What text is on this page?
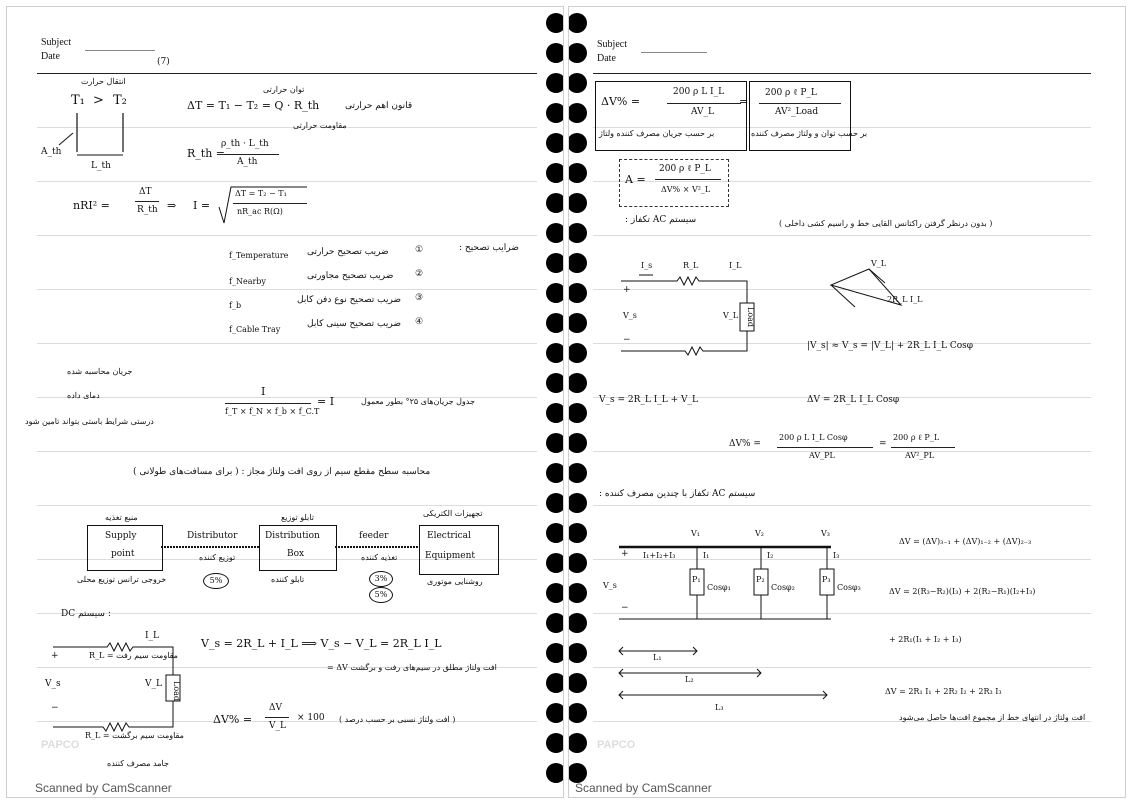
Subject
Date	(7)
انتقال حرارت
T₁ > T₂
A_th
L_th
توان حرارتی
ΔT = T₁ − T₂ = Q · R_th	قانون اهم حرارتی
مقاومت حرارتی
R_th =
ρ_th · L_th
A_th
nRI² =
ΔT
R_th ⇒ I =
ΔT = T₂ − T₁
nR_ac R(Ω)
ضرایب تصحیح :
f_Temperature
①
ضریب تصحیح حرارتی
f_Nearby
②
ضریب تصحیح مجاورتی
f_b
③
ضریب تصحیح نوع دفن کابل
f_Cable Tray
④
ضریب تصحیح سینی کابل
جریان محاسبه شده
دمای داده
درستی شرایط باستی بتواند تامین شود
I
f_T × f_N × f_b × f_C.T
= I	جدول جریان‌های ۲۵° بطور معمول
محاسبه سطح مقطع سیم از روی افت ولتاژ مجاز : ( برای مسافت‌های طولانی )
منبع تغذیه
Supply
point
خروجی ترانس توزیع محلی
Distributor
توزیع کننده
5%
تابلو توزیع
Distribution
Box
تابلو کننده
feeder
تغذیه کننده
3%
5%
تجهیزات الکتریکی
Electrical
Equipment
روشنایی موتوری
DC سیستم :
I_L
R_L = مقاومت سیم رفت
+
−
V_s	V_L Load
R_L = مقاومت سیم برگشت
جامد مصرف کننده
V_s = 2R_L + I_L ⟹ V_s − V_L = 2R_L I_L
افت ولتاژ مطلق در سیم‌های رفت و برگشت ΔV =
ΔV% =
ΔV
V_L
× 100 ( افت ولتاژ نسبی بر حسب درصد )
PAPCO
Scanned by CamScanner
Subject
Date
ΔV% =
200 ρ L I_L
AV_L
بر حسب جریان مصرف کننده ولتاژ
=
200 ρ ℓ P_L
AV²_Load
بر حسب توان و ولتاژ مصرف کننده
A =
200 ρ ℓ P_L
ΔV% × V²_L
سیستم AC تکفاز :	( بدون درنظر گرفتن راکتانس القایی خط و راسیم کشی داخلی )
I_s	R_L	I_L
+
−
V_s	V_L Load
V_L
2R_L I_L
|V_s| ≈ V_s = |V_L| + 2R_L I_L Cosφ
V_s = 2R_L I_L + V_L	ΔV = 2R_L I_L Cosφ
ΔV% =
200 ρ L I_L Cosφ
AV_PL
=
200 ρ ℓ P_L
AV²_PL
سیستم AC تکفاز با چندین مصرف کننده :
V₁	V₂	V₃
I₁+I₂+I₃	I₁	I₂	I₃
P₁	P₂	P₃
Cosφ₁	Cosφ₂	Cosφ₃
+
V_s
−
L₁
L₂
L₃
ΔV = (ΔV)₃₋₁ + (ΔV)₁₋₂ + (ΔV)₂₋₃
ΔV = 2(R₃−R₂)(I₃) + 2(R₂−R₁)(I₂+I₃)
+ 2R₁(I₁ + I₂ + I₃)
ΔV = 2R₁ I₁ + 2R₂ I₂ + 2R₃ I₃
افت ولتاژ در انتهای خط از مجموع افت‌ها حاصل می‌شود
PAPCO
Scanned by CamScanner
